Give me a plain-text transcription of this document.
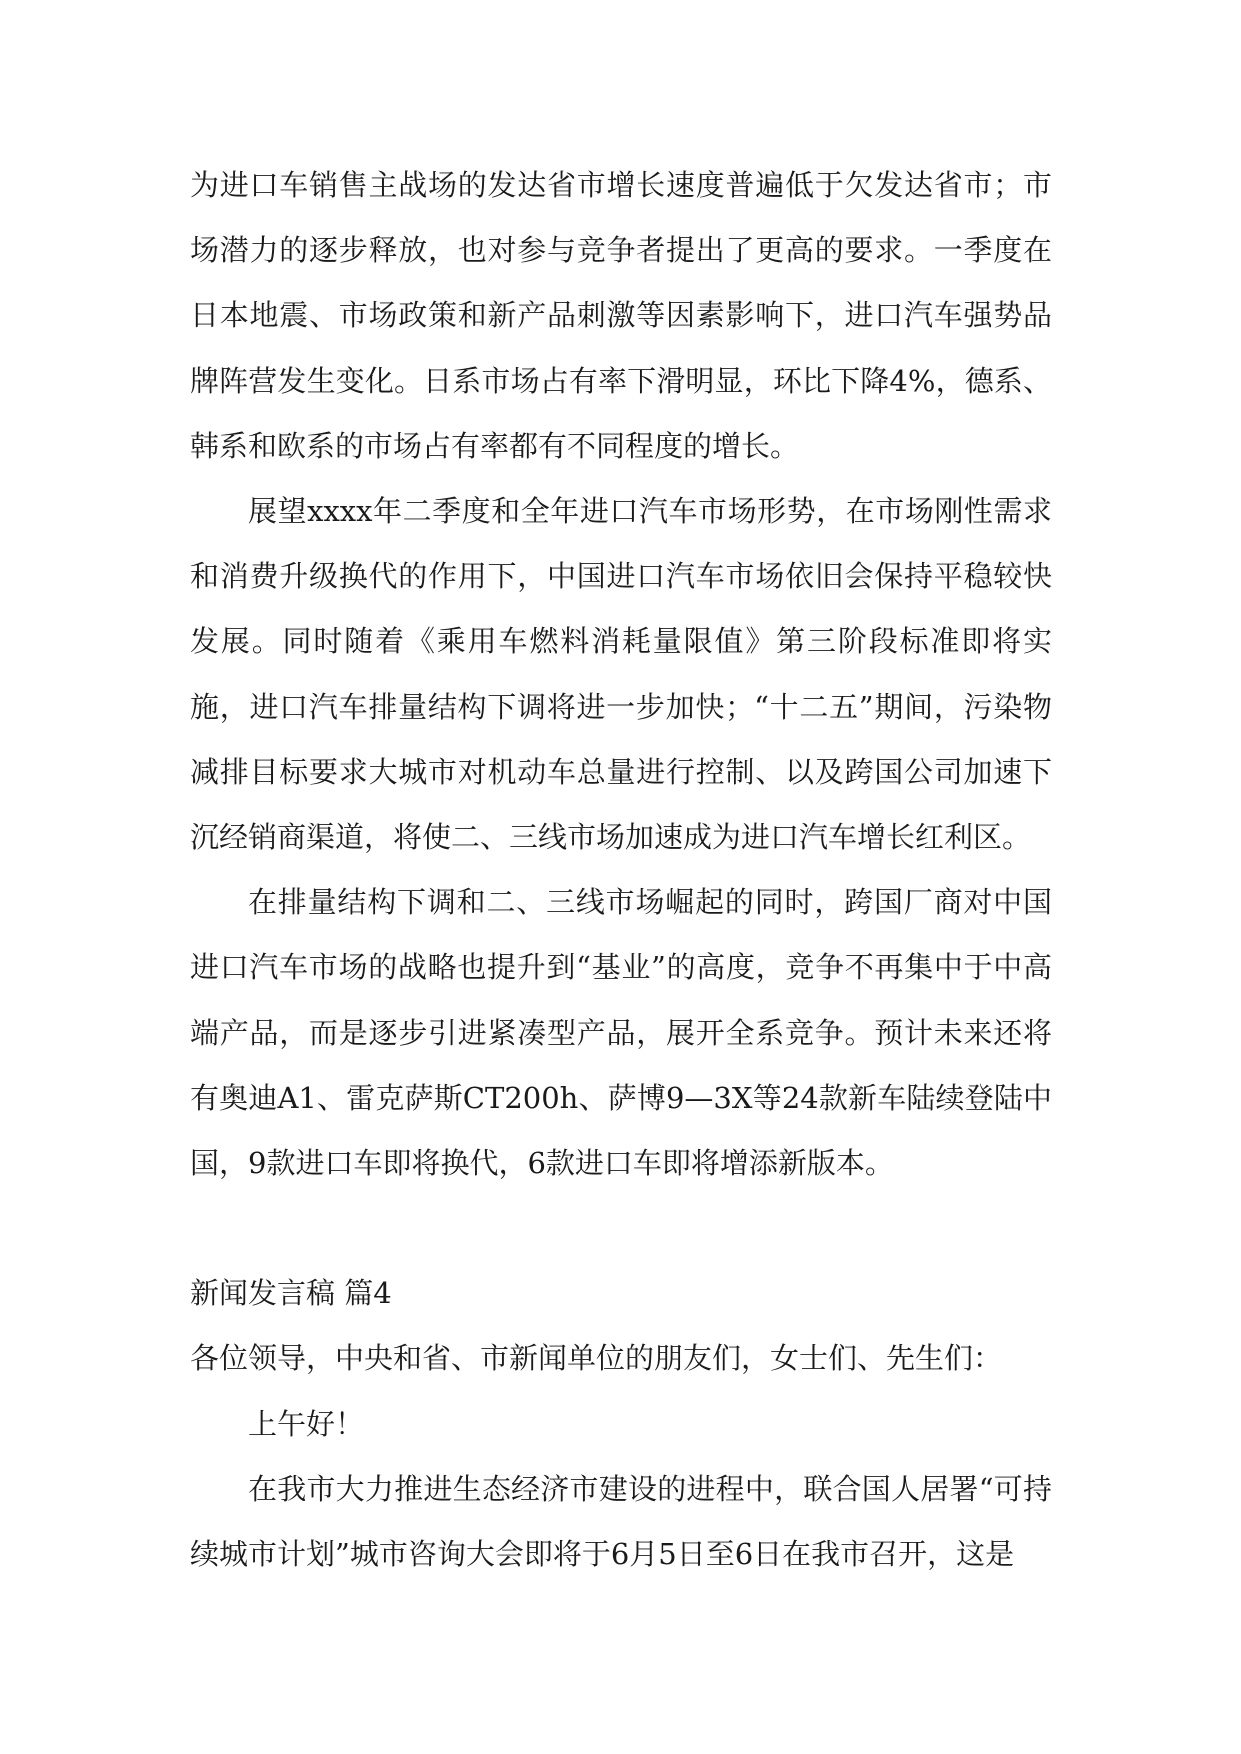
为进口车销售主战场的发达省市增长速度普遍低于欠发达省市；市场潜力的逐步释放，也对参与竞争者提出了更高的要求。一季度在日本地震、市场政策和新产品刺激等因素影响下，进口汽车强势品牌阵营发生变化。日系市场占有率下滑明显，环比下降4%，德系、韩系和欧系的市场占有率都有不同程度的增长。

展望xxxx年二季度和全年进口汽车市场形势，在市场刚性需求和消费升级换代的作用下，中国进口汽车市场依旧会保持平稳较快发展。同时随着《乘用车燃料消耗量限值》第三阶段标准即将实施，进口汽车排量结构下调将进一步加快；“十二五”期间，污染物减排目标要求大城市对机动车总量进行控制、以及跨国公司加速下沉经销商渠道，将使二、三线市场加速成为进口汽车增长红利区。

在排量结构下调和二、三线市场崛起的同时，跨国厂商对中国进口汽车市场的战略也提升到“基业”的高度，竞争不再集中于中高端产品，而是逐步引进紧凑型产品，展开全系竞争。预计未来还将有奥迪A1、雷克萨斯CT200h、萨博9—3X等24款新车陆续登陆中国，9款进口车即将换代，6款进口车即将增添新版本。

新闻发言稿 篇4

各位领导，中央和省、市新闻单位的朋友们，女士们、先生们：

上午好！

在我市大力推进生态经济市建设的进程中，联合国人居署“可持续城市计划”城市咨询大会即将于6月5日至6日在我市召开，这是
